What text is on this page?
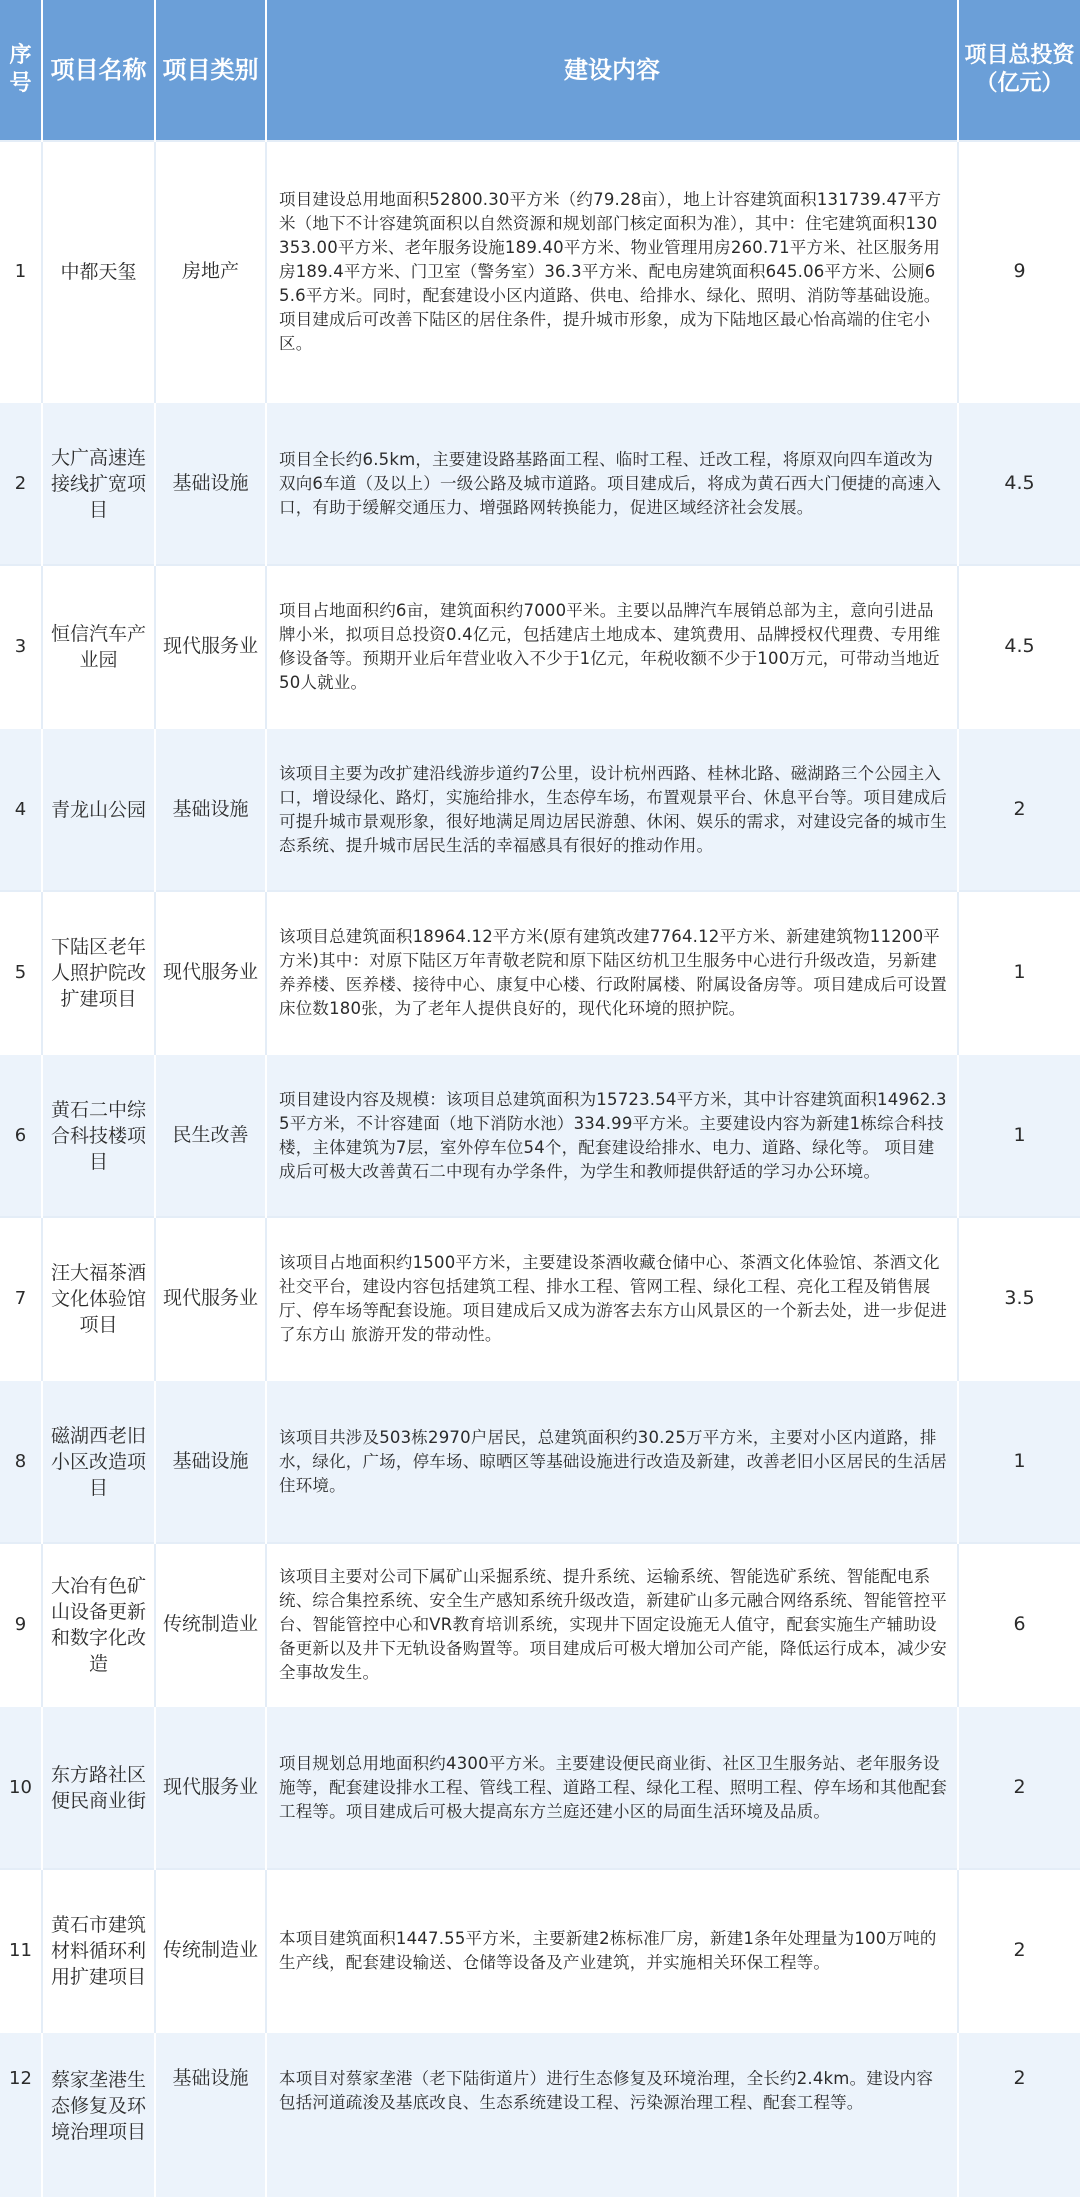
序号	项目名称	项目类别	建设内容	项目总投资（亿元）
1	中都天玺	房地产	项目建设总用地面积52800.30平方米（约79.28亩），地上计容建筑面积131739.47平方米（地下不计容建筑面积以自然资源和规划部门核定面积为准），其中：住宅建筑面积130353.00平方米、老年服务设施189.40平方米、物业管理用房260.71平方米、社区服务用房189.4平方米、门卫室（警务室）36.3平方米、配电房建筑面积645.06平方米、公厕65.6平方米。同时，配套建设小区内道路、供电、给排水、绿化、照明、消防等基础设施。项目建成后可改善下陆区的居住条件，提升城市形象，成为下陆地区最心怡高端的住宅小区。	9
2	大广高速连接线扩宽项目	基础设施	项目全长约6.5km，主要建设路基路面工程、临时工程、迁改工程，将原双向四车道改为双向6车道（及以上）一级公路及城市道路。项目建成后，将成为黄石西大门便捷的高速入口，有助于缓解交通压力、增强路网转换能力，促进区域经济社会发展。	4.5
3	恒信汽车产业园	现代服务业	项目占地面积约6亩，建筑面积约7000平米。主要以品牌汽车展销总部为主，意向引进品牌小米，拟项目总投资0.4亿元，包括建店土地成本、建筑费用、品牌授权代理费、专用维修设备等。预期开业后年营业收入不少于1亿元，年税收额不少于100万元，可带动当地近50人就业。	4.5
4	青龙山公园	基础设施	该项目主要为改扩建沿线游步道约7公里，设计杭州西路、桂林北路、磁湖路三个公园主入口，增设绿化、路灯，实施给排水，生态停车场，布置观景平台、休息平台等。项目建成后可提升城市景观形象，很好地满足周边居民游憩、休闲、娱乐的需求，对建设完备的城市生态系统、提升城市居民生活的幸福感具有很好的推动作用。	2
5	下陆区老年人照护院改扩建项目	现代服务业	该项目总建筑面积18964.12平方米(原有建筑改建7764.12平方米、新建建筑物11200平方米)其中：对原下陆区万年青敬老院和原下陆区纺机卫生服务中心进行升级改造，另新建养养楼、医养楼、接待中心、康复中心楼、行政附属楼、附属设备房等。项目建成后可设置床位数180张，为了老年人提供良好的，现代化环境的照护院。	1
6	黄石二中综合科技楼项目	民生改善	项目建设内容及规模：该项目总建筑面积为15723.54平方米，其中计容建筑面积14962.35平方米，不计容建面（地下消防水池）334.99平方米。主要建设内容为新建1栋综合科技楼，主体建筑为7层，室外停车位54个，配套建设给排水、电力、道路、绿化等。 项目建成后可极大改善黄石二中现有办学条件，为学生和教师提供舒适的学习办公环境。	1
7	汪大福茶酒文化体验馆项目	现代服务业	该项目占地面积约1500平方米，主要建设茶酒收藏仓储中心、茶酒文化体验馆、茶酒文化社交平台，建设内容包括建筑工程、排水工程、管网工程、绿化工程、亮化工程及销售展厅、停车场等配套设施。项目建成后又成为游客去东方山风景区的一个新去处，进一步促进了东方山 旅游开发的带动性。	3.5
8	磁湖西老旧小区改造项目	基础设施	该项目共涉及503栋2970户居民，总建筑面积约30.25万平方米，主要对小区内道路，排水，绿化，广场，停车场、晾晒区等基础设施进行改造及新建，改善老旧小区居民的生活居住环境。	1
9	大冶有色矿山设备更新和数字化改造	传统制造业	该项目主要对公司下属矿山采掘系统、提升系统、运输系统、智能选矿系统、智能配电系统、综合集控系统、安全生产感知系统升级改造，新建矿山多元融合网络系统、智能管控平台、智能管控中心和VR教育培训系统，实现井下固定设施无人值守，配套实施生产辅助设备更新以及井下无轨设备购置等。项目建成后可极大增加公司产能，降低运行成本，减少安全事故发生。	6
10	东方路社区便民商业街	现代服务业	项目规划总用地面积约4300平方米。主要建设便民商业街、社区卫生服务站、老年服务设施等，配套建设排水工程、管线工程、道路工程、绿化工程、照明工程、停车场和其他配套工程等。项目建成后可极大提高东方兰庭还建小区的局面生活环境及品质。	2
11	黄石市建筑材料循环利用扩建项目	传统制造业	本项目建筑面积1447.55平方米，主要新建2栋标准厂房，新建1条年处理量为100万吨的生产线，配套建设输送、仓储等设备及产业建筑，并实施相关环保工程等。	2
12	蔡家垄港生态修复及环境治理项目	基础设施	本项目对蔡家垄港（老下陆街道片）进行生态修复及环境治理，全长约2.4km。建设内容包括河道疏浚及基底改良、生态系统建设工程、污染源治理工程、配套工程等。	2
